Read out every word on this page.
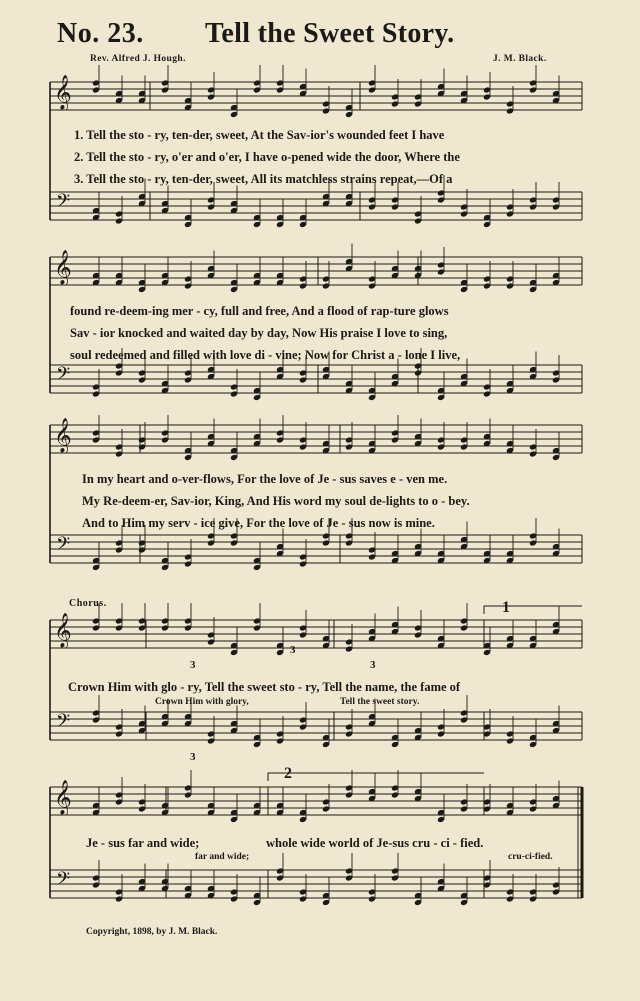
No. 23. Tell the Sweet Story.
Rev. Alfred J. Hough.	J. M. Black.
𝄞
𝄢
𝄞
𝄢
𝄞
𝄢
𝄞
𝄢
𝄞
𝄢
1
2
3
3
3
3
1. Tell the sto - ry, ten-der, sweet, At the Sav-ior's wounded feet I have
2. Tell the sto - ry, o'er and o'er, I have o-pened wide the door, Where the
3. Tell the sto - ry, ten-der, sweet, All its matchless strains repeat,—Of a
found re-deem-ing mer - cy, full and free, And a flood of rap-ture glows
Sav - ior knocked and waited day by day, Now His praise I love to sing,
soul redeemed and filled with love di - vine; Now for Christ a - lone I live,
In my heart and o-ver-flows, For the love of Je - sus saves e - ven me.
My Re-deem-er, Sav-ior, King, And His word my soul de-lights to o - bey.
And to Him my serv - ice give, For the love of Je - sus now is mine.
Chorus.
Crown Him with glo - ry, Tell the sweet sto - ry, Tell the name, the fame of
Crown Him with glory,	Tell the sweet story.
Je - sus far and wide;	whole wide world of Je-sus cru - ci - fied.
far and wide;	cru-ci-fied.
Copyright, 1898, by J. M. Black.
